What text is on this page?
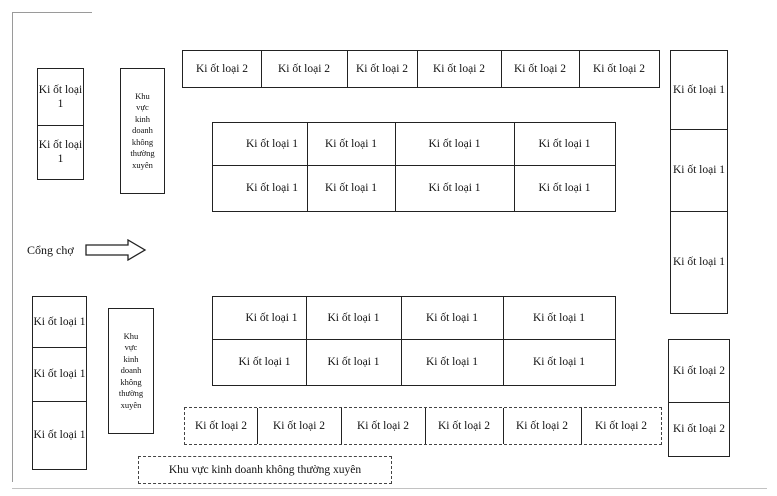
Ki ốt loại 2	Ki ốt loại 2	Ki ốt loại 2	Ki ốt loại 2	Ki ốt loại 2	Ki ốt loại 2
Ki ốt loại 1	Ki ốt loại 1	Ki ốt loại 1	Ki ốt loại 1
Ki ốt loại 1	Ki ốt loại 1	Ki ốt loại 1	Ki ốt loại 1
Ki ốt loại 1	Ki ốt loại 1	Ki ốt loại 1	Ki ốt loại 1
Ki ốt loại 1	Ki ốt loại 1	Ki ốt loại 1	Ki ốt loại 1
Ki ốt loại 2	Ki ốt loại 2	Ki ốt loại 2	Ki ốt loại 2	Ki ốt loại 2	Ki ốt loại 2
Ki ốt loại 1
Ki ốt loại 1
Ki ốt loại 1
Ki ốt loại 1
Ki ốt loại 1
Khu
vực
kinh
doanh
không
thường
xuyên
Khu
vực
kinh
doanh
không
thường
xuyên
Ki ốt loại 1
Ki ốt loại 1
Ki ốt loại 1
Ki ốt loại 2
Ki ốt loại 2
Khu vực kinh doanh không thường xuyên
Cổng chợ
